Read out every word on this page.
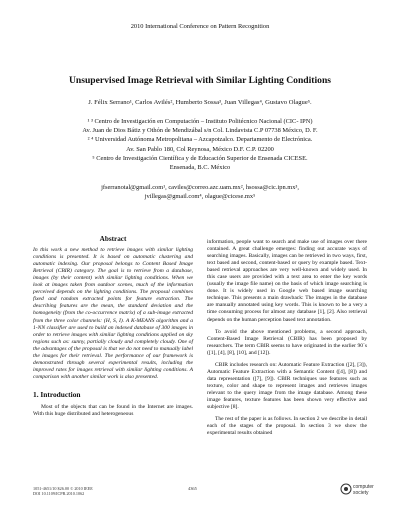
2010 International Conference on Pattern Recognition
Unsupervised Image Retrieval with Similar Lighting Conditions
J. Félix Serrano¹, Carlos Avilés², Humberto Sossa³, Juan Villegas⁴, Gustavo Olague⁵.
¹ ³ Centro de Investigación en Computación – Instituto Politécnico Nacional (CIC- IPN)
Av. Juan de Dios Bátiz y Othón de Mendizábal s/n Col. Lindavista C.P 07738 México, D. F.
² ⁴ Universidad Autónoma Metropolitana – Azcapotzalco. Departamento de Electrónica.
Av. San Pablo 180, Col Reynosa, México D.F. C.P. 02200
⁵ Centro de Investigación Científica y de Educación Superior de Ensenada CICESE.
Ensenada, B.C. México
jfserranotal@gmail.com¹, caviles@correo.azc.uam.mx², hsossa@cic.ipn.mx³,
jvillegas@gmail.com⁴, olague@cicese.mx⁵
Abstract

In this work a new method to retrieve images with similar lighting conditions is presented. It is based on automatic clustering and automatic indexing. Our proposal belongs to Content Based Image Retrieval (CBIR) category. The goal is to retrieve from a database, images (by their content) with similar lighting conditions. When we look at images taken from outdoor scenes, much of the information perceived depends on the lighting conditions. The proposal combines fixed and random extracted points for feature extraction. The describing features are the mean, the standard deviation and the homogeneity (from the co-occurrence matrix) of a sub-image extracted from the three color channels: (H, S, I). A K-MEANS algorithm and a 1-NN classifier are used to build an indexed database of 300 images in order to retrieve images with similar lighting conditions applied on sky regions such as: sunny, partially cloudy and completely cloudy. One of the advantages of the proposal is that we do not need to manually label the images for their retrieval. The performance of our framework is demonstrated through several experimental results, including the improved rates for images retrieval with similar lighting conditions. A comparison with another similar work is also presented.

1. Introduction

Most of the objects that can be found in the Internet are images. With this huge distributed and heterogeneous

information, people want to search and make use of images over there contained. A great challenge emerges: finding out accurate ways of searching images. Basically, images can be retrieved in two ways, first, text based and second, content-based or query by example based. Text-based retrieval approaches are very well-known and widely used. In this case users are provided with a text area to enter the key words (usually the image file name) on the basis of which image searching is done. It is widely used in Google web based image searching technique. This presents a main drawback: The images in the database are manually annotated using key words. This is known to be a very a time consuming process for almost any database [1], [2]. Also retrieval depends on the human perception based text annotation.

To avoid the above mentioned problems, a second approach, Content-Based Image Retrieval (CBIR) has been proposed by researchers. The term CBIR seems to have originated in the earlier 90´s ([1], [4], [8], [10], and [12]).

CBIR includes research on: Automatic Feature Extraction ([2], [3]), Automatic Feature Extraction with a Semantic Content ([4], [8]) and data representation ([7], [9]). CBIR techniques use features such as texture, color and shape to represent images and retrieves images relevant to the query image from the image database. Among these image features, texture features has been shown very effective and subjective [8].

The rest of the paper is as follows. In section 2 we describe in detail each of the stages of the proposal. In section 3 we show the experimental results obtained

1051-4651/10 $26.00 © 2010 IEEE
DOI 10.1109/ICPR.2010.1062
4365	computer
society
